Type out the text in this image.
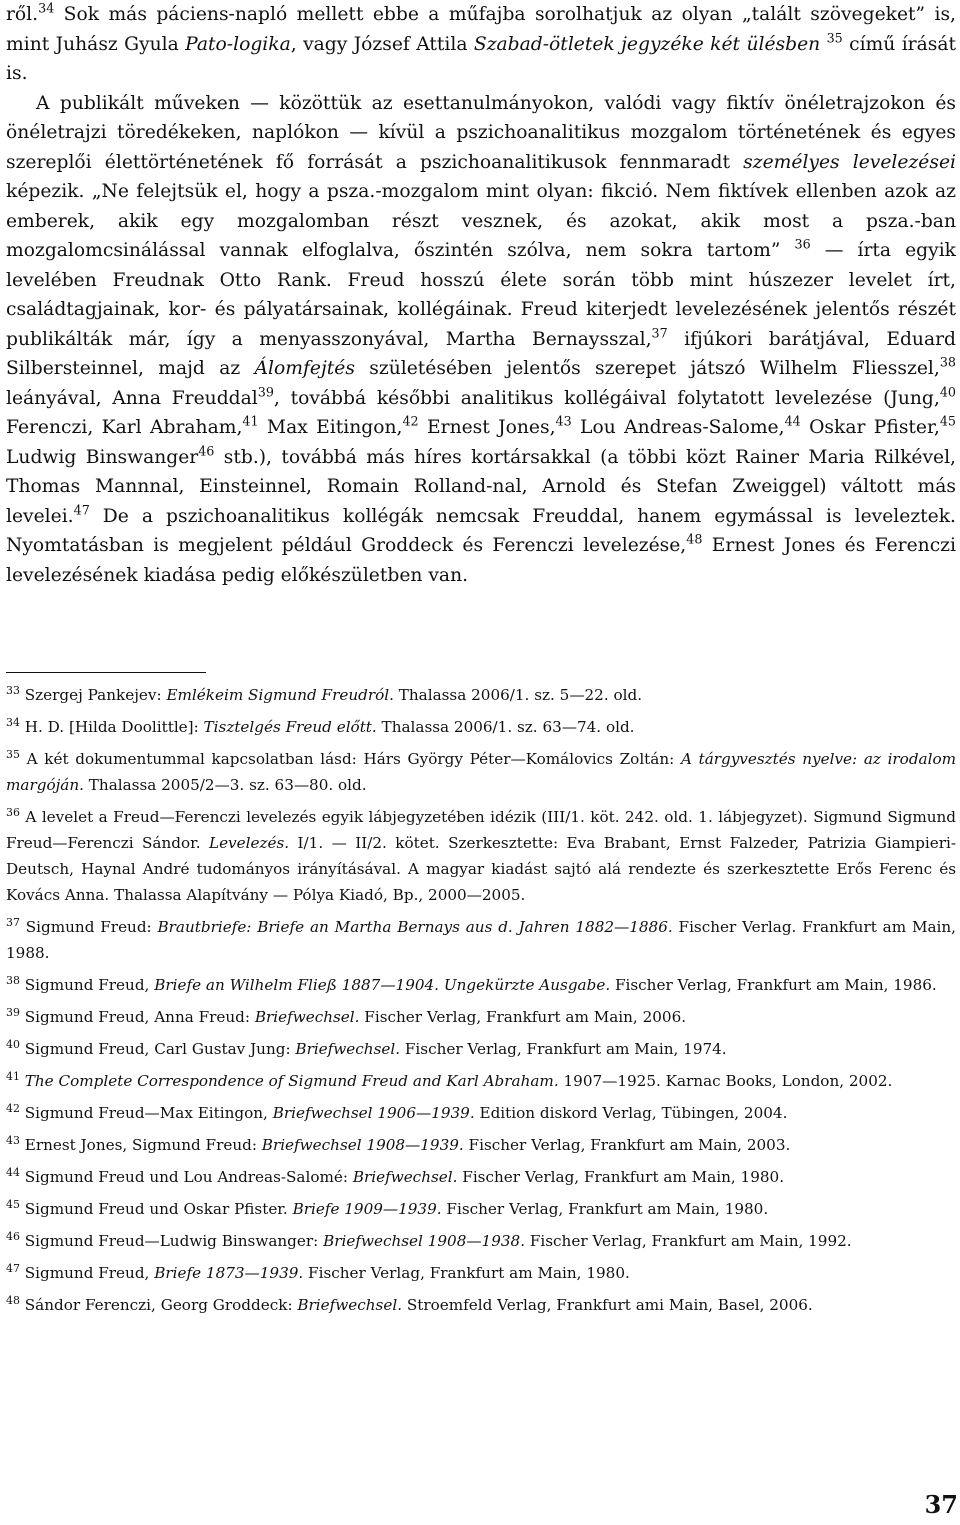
ről.$^{34}$ Sok más páciens-napló mellett ebbe a műfajba sorolhatjuk az olyan „talált szövegeket” is, mint Juhász Gyula Pato-logika, vagy József Attila Szabad-ötletek jegyzéke két ülésben $^{35}$ című írását is.

A publikált műveken — közöttük az esettanulmányokon, valódi vagy fiktív önéletrajzokon és önéletrajzi töredékeken, naplókon — kívül a pszichoanalitikus mozgalom történetének és egyes szereplői élettörténetének fő forrását a pszichoanalitikusok fennmaradt személyes levelezései képezik. „Ne felejtsük el, hogy a psza.-mozgalom mint olyan: fikció. Nem fiktívek ellenben azok az emberek, akik egy mozgalomban részt vesznek, és azokat, akik most a psza.-ban mozgalomcsinálással vannak elfoglalva, őszintén szólva, nem sokra tartom” $^{36}$ — írta egyik levelében Freudnak Otto Rank. Freud hosszú élete során több mint húszezer levelet írt, családtagjainak, kor- és pályatársainak, kollégáinak. Freud kiterjedt levelezésének jelentős részét publikálták már, így a menyasszonyával, Martha Bernaysszal,$^{37}$ ifjúkori barátjával, Eduard Silbersteinnel, majd az Álomfejtés születésében jelentős szerepet játszó Wilhelm Fliesszel,$^{38}$ leányával, Anna Freuddal$^{39}$, továbbá későbbi analitikus kollégáival folytatott levelezése (Jung,$^{40}$ Ferenczi, Karl Abraham,$^{41}$ Max Eitingon,$^{42}$ Ernest Jones,$^{43}$ Lou Andreas-Salome,$^{44}$ Oskar Pfister,$^{45}$ Ludwig Binswanger$^{46}$ stb.), továbbá más híres kortársakkal (a többi közt Rainer Maria Rilkével, Thomas Mannnal, Einsteinnel, Romain Rolland-nal, Arnold és Stefan Zweiggel) váltott más levelei.$^{47}$ De a pszichoanalitikus kollégák nemcsak Freuddal, hanem egymással is leveleztek. Nyomtatásban is megjelent például Groddeck és Ferenczi levelezése,$^{48}$ Ernest Jones és Ferenczi levelezésének kiadása pedig előkészületben van.

$^{33}$ Szergej Pankejev: Emlékeim Sigmund Freudról. Thalassa 2006/1. sz. 5—22. old.

$^{34}$ H. D. [Hilda Doolittle]: Tisztelgés Freud előtt. Thalassa 2006/1. sz. 63—74. old.

$^{35}$ A két dokumentummal kapcsolatban lásd: Hárs György Péter—Komálovics Zoltán: A tárgyvesztés nyelve: az irodalom margóján. Thalassa 2005/2—3. sz. 63—80. old.

$^{36}$ A levelet a Freud—Ferenczi levelezés egyik lábjegyzetében idézik (III/1. köt. 242. old. 1. lábjegyzet). Sigmund Sigmund Freud—Ferenczi Sándor. Levelezés. I/1. — II/2. kötet. Szerkesztette: Eva Brabant, Ernst Falzeder, Patrizia Giampieri-Deutsch, Haynal André tudományos irányításával. A magyar kiadást sajtó alá rendezte és szerkesztette Erős Ferenc és Kovács Anna. Thalassa Alapítvány — Pólya Kiadó, Bp., 2000—2005.

$^{37}$ Sigmund Freud: Brautbriefe: Briefe an Martha Bernays aus d. Jahren 1882—1886. Fischer Verlag. Frankfurt am Main, 1988.

$^{38}$ Sigmund Freud, Briefe an Wilhelm Fließ 1887—1904. Ungekürzte Ausgabe. Fischer Verlag, Frankfurt am Main, 1986.

$^{39}$ Sigmund Freud, Anna Freud: Briefwechsel. Fischer Verlag, Frankfurt am Main, 2006.

$^{40}$ Sigmund Freud, Carl Gustav Jung: Briefwechsel. Fischer Verlag, Frankfurt am Main, 1974.

$^{41}$ The Complete Correspondence of Sigmund Freud and Karl Abraham. 1907—1925. Karnac Books, London, 2002.

$^{42}$ Sigmund Freud—Max Eitingon, Briefwechsel 1906—1939. Edition diskord Verlag, Tübingen, 2004.

$^{43}$ Ernest Jones, Sigmund Freud: Briefwechsel 1908—1939. Fischer Verlag, Frankfurt am Main, 2003.

$^{44}$ Sigmund Freud und Lou Andreas-Salomé: Briefwechsel. Fischer Verlag, Frankfurt am Main, 1980.

$^{45}$ Sigmund Freud und Oskar Pfister. Briefe 1909—1939. Fischer Verlag, Frankfurt am Main, 1980.

$^{46}$ Sigmund Freud—Ludwig Binswanger: Briefwechsel 1908—1938. Fischer Verlag, Frankfurt am Main, 1992.

$^{47}$ Sigmund Freud, Briefe 1873—1939. Fischer Verlag, Frankfurt am Main, 1980.

$^{48}$ Sándor Ferenczi, Georg Groddeck: Briefwechsel. Stroemfeld Verlag, Frankfurt ami Main, Basel, 2006.

37
